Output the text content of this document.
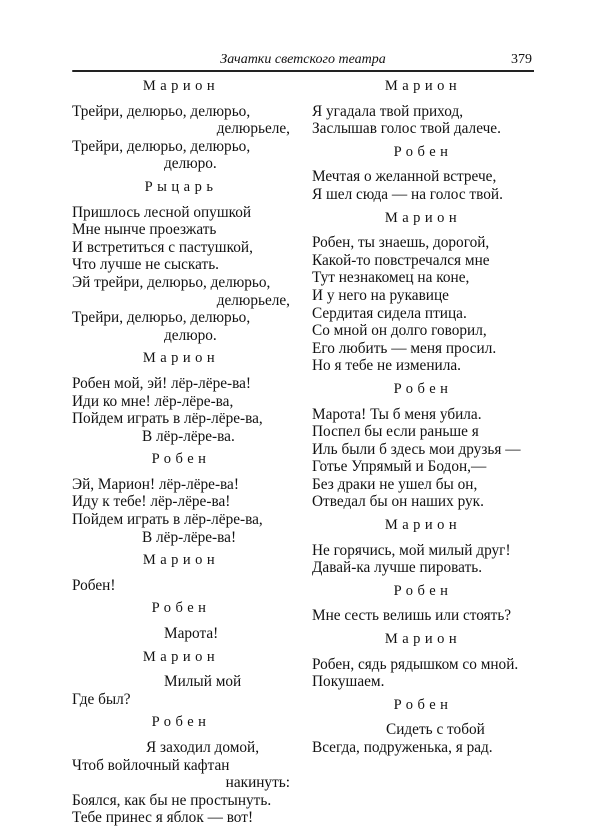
Зачатки светского театра	379
Марион
Трейри, делюрьо, делюрьо,
делюрьеле,
Трейри, делюрьо, делюрьо,
делюро.
Рыцарь
Пришлось лесной опушкой
Мне нынче проезжать
И встретиться с пастушкой,
Что лучше не сыскать.
Эй трейри, делюрьо, делюрьо,
делюрьеле,
Трейри, делюрьо, делюрьо,
делюро.
Марион
Робен мой, эй! лёр-лёре-ва!
Иди ко мне! лёр-лёре-ва,
Пойдем играть в лёр-лёре-ва,
В лёр-лёре-ва.
Робен
Эй, Марион! лёр-лёре-ва!
Иду к тебе! лёр-лёре-ва!
Пойдем играть в лёр-лёре-ва,
В лёр-лёре-ва!
Марион
Робен!
Робен
Марота!
Марион
Милый мой
Где был?
Робен
Я заходил домой,
Чтоб войлочный кафтан
накинуть:
Боялся, как бы не простынуть.
Тебе принес я яблок — вот!
Марион
Я угадала твой приход,
Заслышав голос твой далече.
Робен
Мечтая о желанной встрече,
Я шел сюда — на голос твой.
Марион
Робен, ты знаешь, дорогой,
Какой-то повстречался мне
Тут незнакомец на коне,
И у него на рукавице
Сердитая сидела птица.
Со мной он долго говорил,
Его любить — меня просил.
Но я тебе не изменила.
Робен
Марота! Ты б меня убила.
Поспел бы если раньше я
Иль были б здесь мои друзья —
Готье Упрямый и Бодон,—
Без драки не ушел бы он,
Отведал бы он наших рук.
Марион
Не горячись, мой милый друг!
Давай-ка лучше пировать.
Робен
Мне сесть велишь или стоять?
Марион
Робен, сядь рядышком со мной.
Покушаем.
Робен
Сидеть с тобой
Всегда, подруженька, я рад.
